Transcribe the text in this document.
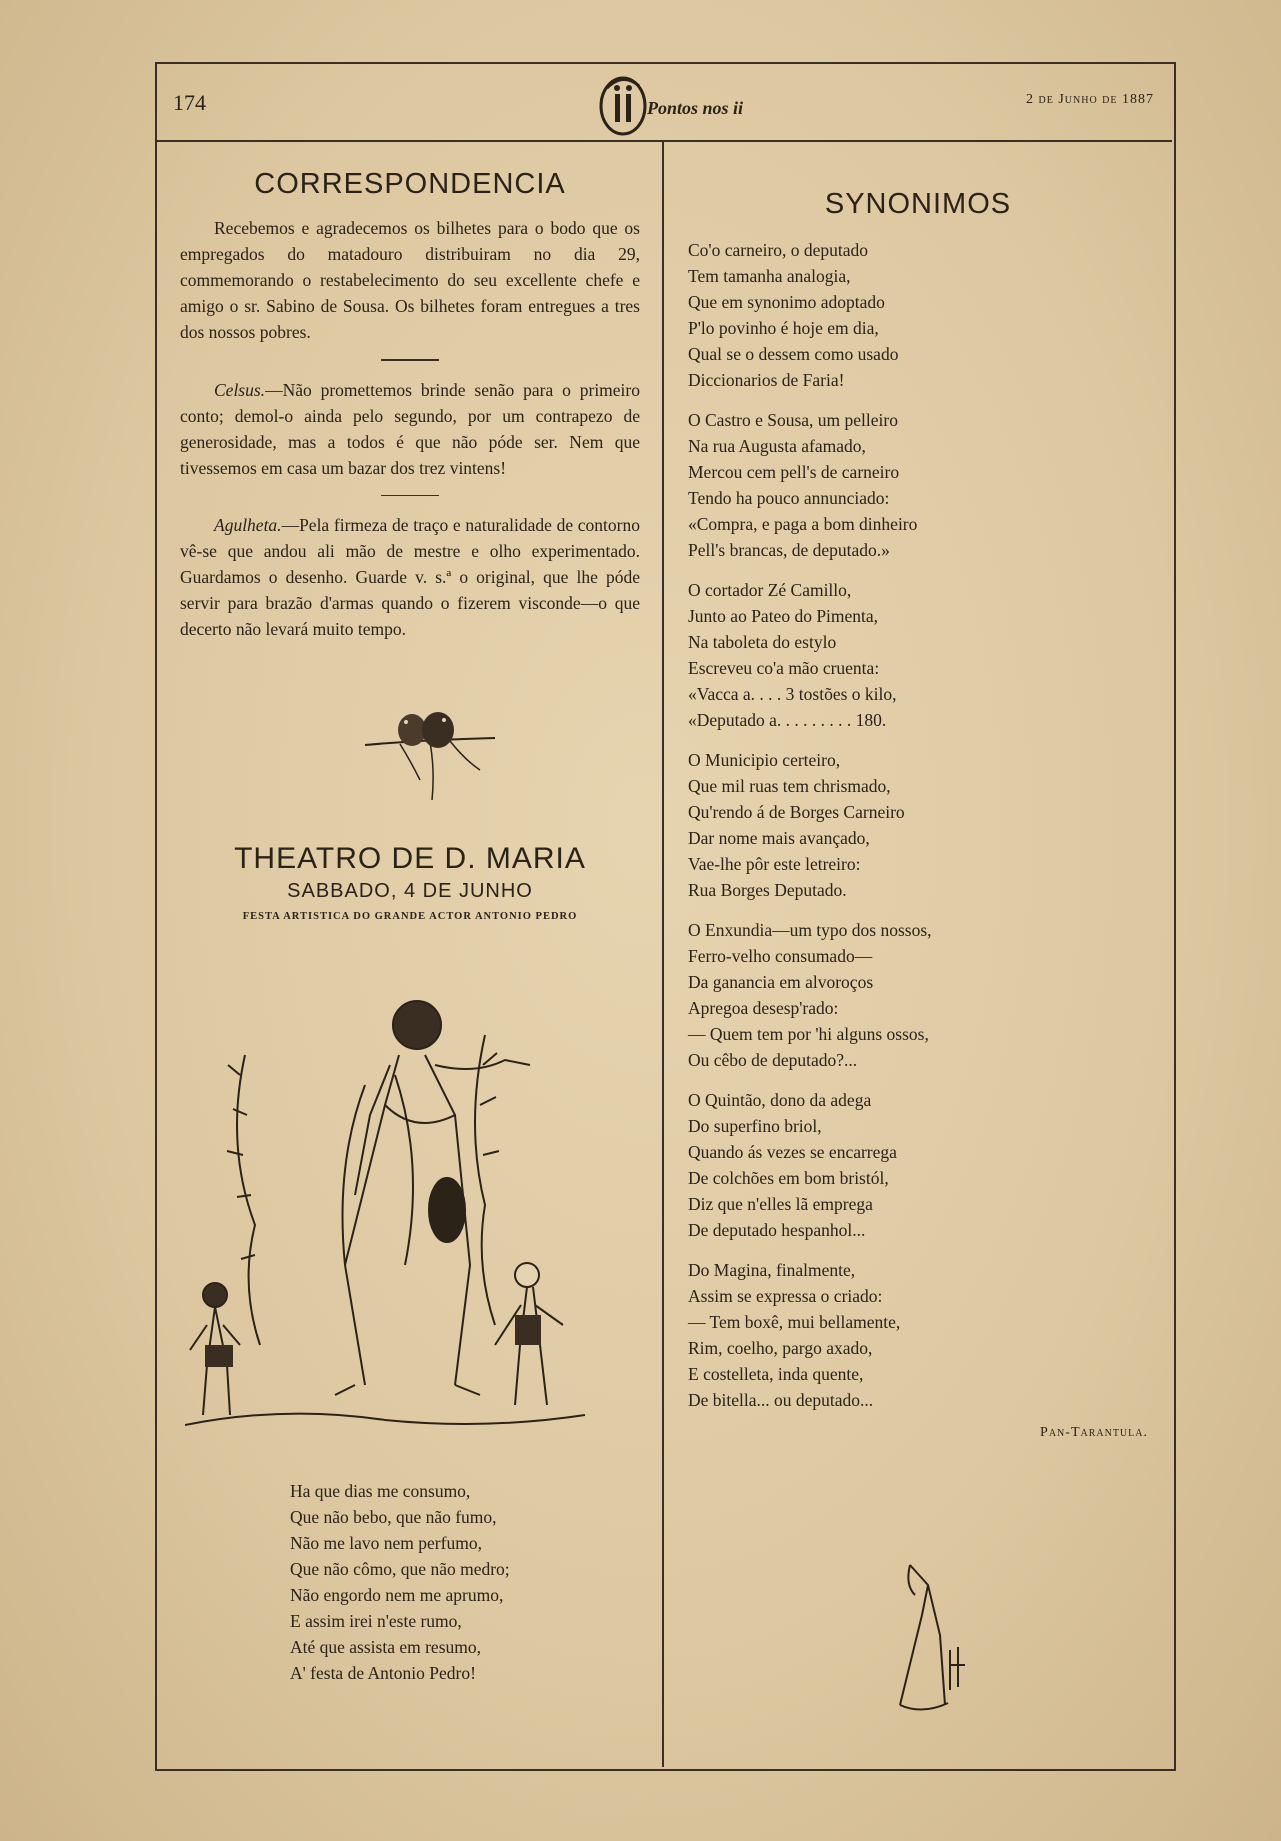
174	Pontos nos ii	2 de Junho de 1887
CORRESPONDENCIA

Recebemos e agradecemos os bilhetes para o bodo que os empregados do matadouro distribuiram no dia 29, commemorando o restabelecimento do seu excellente chefe e amigo o sr. Sabino de Sousa. Os bilhetes foram entregues a tres dos nossos pobres.

Celsus.—Não promettemos brinde senão para o primeiro conto; demol-o ainda pelo segundo, por um contrapezo de generosidade, mas a todos é que não póde ser. Nem que tivessemos em casa um bazar dos trez vintens!

Agulheta.—Pela firmeza de traço e naturalidade de contorno vê-se que andou ali mão de mestre e olho experimentado. Guardamos o desenho. Guarde v. s.ª o original, que lhe póde servir para brazão d'armas quando o fizerem visconde—o que decerto não levará muito tempo.

THEATRO DE D. MARIA

SABBADO, 4 DE JUNHO

FESTA ARTISTICA DO GRANDE ACTOR ANTONIO PEDRO

Ha que dias me consumo,

Que não bebo, que não fumo,

Não me lavo nem perfumo,

Que não cômo, que não medro;

Não engordo nem me aprumo,

E assim irei n'este rumo,

Até que assista em resumo,

A' festa de Antonio Pedro!

SYNONIMOS

Co'o carneiro, o deputado

Tem tamanha analogia,

Que em synonimo adoptado

P'lo povinho é hoje em dia,

Qual se o dessem como usado

Diccionarios de Faria!

O Castro e Sousa, um pelleiro

Na rua Augusta afamado,

Mercou cem pell's de carneiro

Tendo ha pouco annunciado:

«Compra, e paga a bom dinheiro

Pell's brancas, de deputado.»

O cortador Zé Camillo,

Junto ao Pateo do Pimenta,

Na taboleta do estylo

Escreveu co'a mão cruenta:

«Vacca a. . . . 3 tostões o kilo,

«Deputado a. . . . . . . . . 180.

O Municipio certeiro,

Que mil ruas tem chrismado,

Qu'rendo á de Borges Carneiro

Dar nome mais avançado,

Vae-lhe pôr este letreiro:

Rua Borges Deputado.

O Enxundia—um typo dos nossos,

Ferro-velho consumado—

Da ganancia em alvoroços

Apregoa desesp'rado:

— Quem tem por 'hi alguns ossos,

Ou cêbo de deputado?...

O Quintão, dono da adega

Do superfino briol,

Quando ás vezes se encarrega

De colchões em bom bristól,

Diz que n'elles lã emprega

De deputado hespanhol...

Do Magina, finalmente,

Assim se expressa o criado:

— Tem boxê, mui bellamente,

Rim, coelho, pargo axado,

E costelleta, inda quente,

De bitella... ou deputado...

Pan-Tarantula.
